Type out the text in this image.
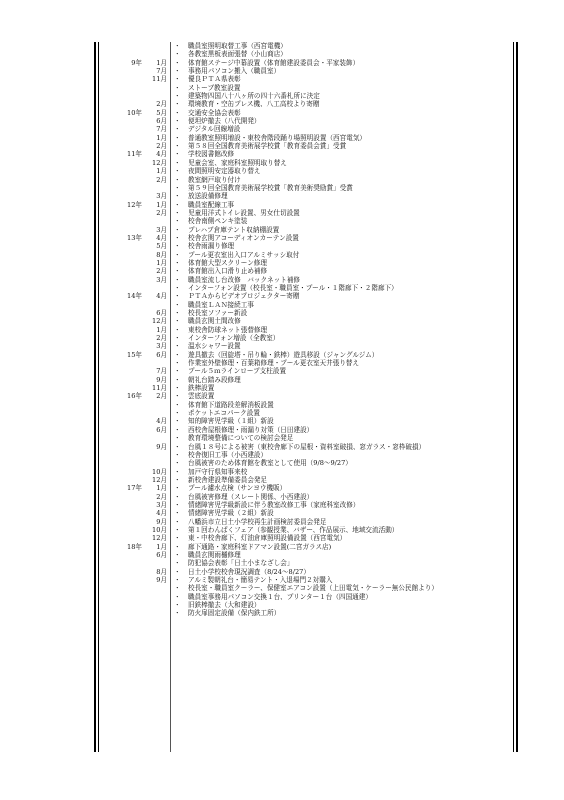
・ 職員室照明取替工事（西宮電機）
・ 各教室黒板表面張替（小山商店）
9年	1月 ・ 体育館ステージ中幕設置（体育館建設委員会・平家装飾）
7月 ・ 事務用パソコン搬入（職員室）
11月 ・ 優良ＰＴＡ県表彰
・ ストーブ教室設置
・ 建築物四国八十八ヶ所の四十六番札所に決定
2月 ・ 環境教育・空缶プレス機、八工高校より寄贈
10年	5月 ・ 交通安全協会表彰
6月 ・ 便坦炉撤去（八代開発）
7月 ・ デジタル回線増設
1月 ・ 普通教室照明増設・東校舎階段踊り場照明設置（西宮電気）
2月 ・ 第５８回全国教育美術展学校賞「教育委員会賞」受賞
11年	4月 ・ 学校図書館改修
12月 ・ 児童会室、家庭科室照明取り替え
1月 ・ 夜間照明安定器取り替え
2月 ・ 教室網戸取り付け
・ 第５９回全国教育美術展学校賞「教育美術奨励賞」受賞
3月 ・ 放送設備修理
12年	1月 ・ 職員室配線工事
2月 ・ 児童用洋式トイレ設置、男女仕切設置
・ 校舎南側ペンキ塗装
3月 ・ プレハブ倉庫テント収納棚設置
13年	4月 ・ 校舎玄関アコーディオンカーテン設置
5月 ・ 校舎雨漏り修理
8月 ・ プール更衣室出入口アルミサッシ取付
1月 ・ 体育館大型スクリーン修理
2月 ・ 体育館出入口滑り止め補修
3月 ・ 職員室流し台改修　バックネット補修
・ インターフォン設置（校長室・職員室・プール・１階廊下・２階廊下）
14年	4月 ・ ＰＴＡからビデオプロジェクター寄贈
・ 職員室ＬＡＮ接続工事
6月 ・ 校長室ソファー新設
12月 ・ 職員玄関土間改修
1月 ・ 東校舎防球ネット張替修理
2月 ・ インターフォン増設（全教室）
3月 ・ 温水シャワー設置
15年	6月 ・ 遊具撤去（回旋塔・吊り輪・鉄棒）遊具移設（ジャングルジム）
・ 作業室外壁修理・百葉箱修理・プール更衣室天井張り替え
7月 ・ プール５ｍラインロープ支柱設置
9月 ・ 朝礼台踏み段修理
11月 ・ 鉄棒設置
16年	2月 ・ 雲底設置
・ 体育館下道路段差解消板設置
・ ポケットエコパーク設置
4月 ・ 知的障害児学級（１組）新設
6月 ・ 西校舎屋根修理・雨漏り対策（日田建設）
・ 教育環境整備についての検討会発足
9月 ・ 台風１８号による被害（東校舎廊下の屋根・資料室破損、窓ガラス・窓枠破損）
・ 校舎復旧工事（小西建設）
・ 台風被害のため体育館を教室として使用（9/8～9/27）
10月 ・ 加戸守行県知事来校
12月 ・ 新校舎建設準備委員会発足
17年	1月 ・ プール濾水点検（サンヨウ機販）
2月 ・ 台風被害修理（スレート関係、小西建設）
3月 ・ 情緒障害児学級新設に伴う教室改修工事（家庭科室改修）
4月 ・ 情緒障害児学級（２組）新設
9月 ・ 八幡浜市立日土小学校再生計画検討委員会発足
10月 ・ 第１回わんぱくフェア（参観授業、バザー、作品展示、地域交流活動）
12月 ・ 東・中校舎廊下、灯油倉庫照明設備設置（西宮電気）
18年	1月 ・ 廊下通路・家庭科室ドアマン設置(二宮ガラス店)
6月 ・ 職員玄関雨樋修理
・ 防犯協会表彰「日土小まなざし会」
8月 ・ 日土小学校校舎現況調査（8/24～8/27）
9月 ・ アルミ製朝礼台・簡易テント・入退場門２対購入
・ 校長室・職員室クーラー、保健室エアコン設置（上田電気・ケーラー無公民館より）
・ 職員室事務用パソコン交換１台、プリンター１台（四国通建）
・ 旧鉄棒撤去（大和建設）
・ 防火扉固定設備（保内鉄工所）
